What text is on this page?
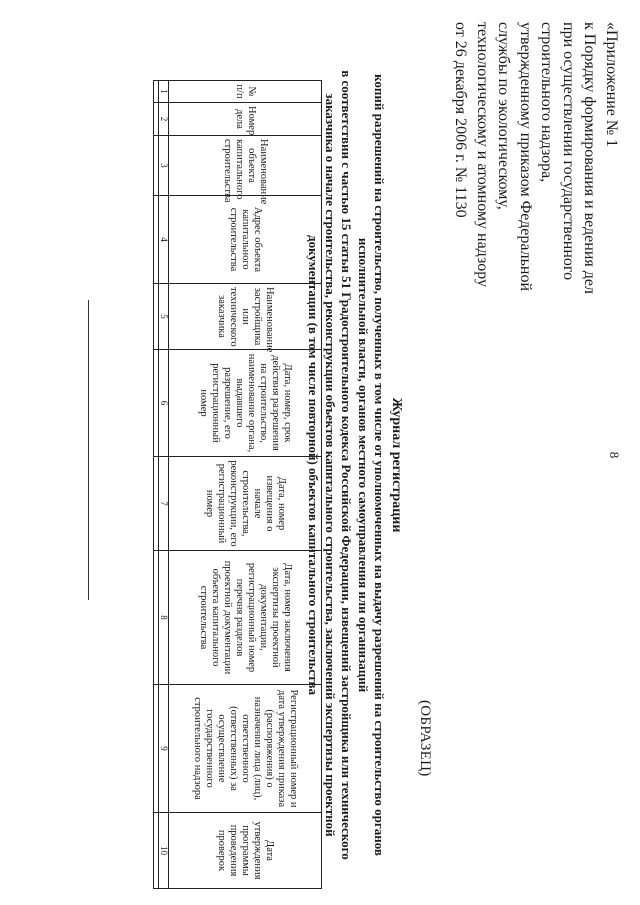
8
«Приложение № 1
к Порядку формирования и ведения дел
при осуществлении государственного
строительного надзора,
утвержденному приказом Федеральной
службы по экологическому,
технологическому и атомному надзору
от 26 декабря 2006 г. № 1130
(ОБРАЗЕЦ)
Журнал регистрации
копий разрешений на строительство, полученных в том числе от уполномоченных на выдачу разрешений на строительство органов
исполнительной власти, органов местного самоуправления или организаций
в соответствии с частью 15 статьи 51 Градостроительного кодекса Российской Федерации, извещений застройщика или технического
заказчика о начале строительства, реконструкции объектов капитального строительства, заключений экспертизы проектной
документации (в том числе повторной) объектов капитального строительства
№ п/п	Номер дела	Наименование объекта капитального строительства	Адрес объекта капитального строительства	Наименование застройщика или технического заказчика	Дата, номер, срок действия разрешения на строительство, наименование органа, выдавшего разрешение, его регистрационный номер	Дата, номер извещения о начале строительства, реконструкции, его регистрационный номер	Дата, номер заключения экспертизы проектной документации, регистрационный номер перечня разделов проектной документации объекта капитального строительства	Регистрационный номер и дата утверждения приказа (распоряжения) о назначении лица (лиц), ответственного (ответственных) за осуществление государственного строительного надзора	Дата утверждения программы проведения проверок
1	2	3	4	5	6	7	8	9	10
